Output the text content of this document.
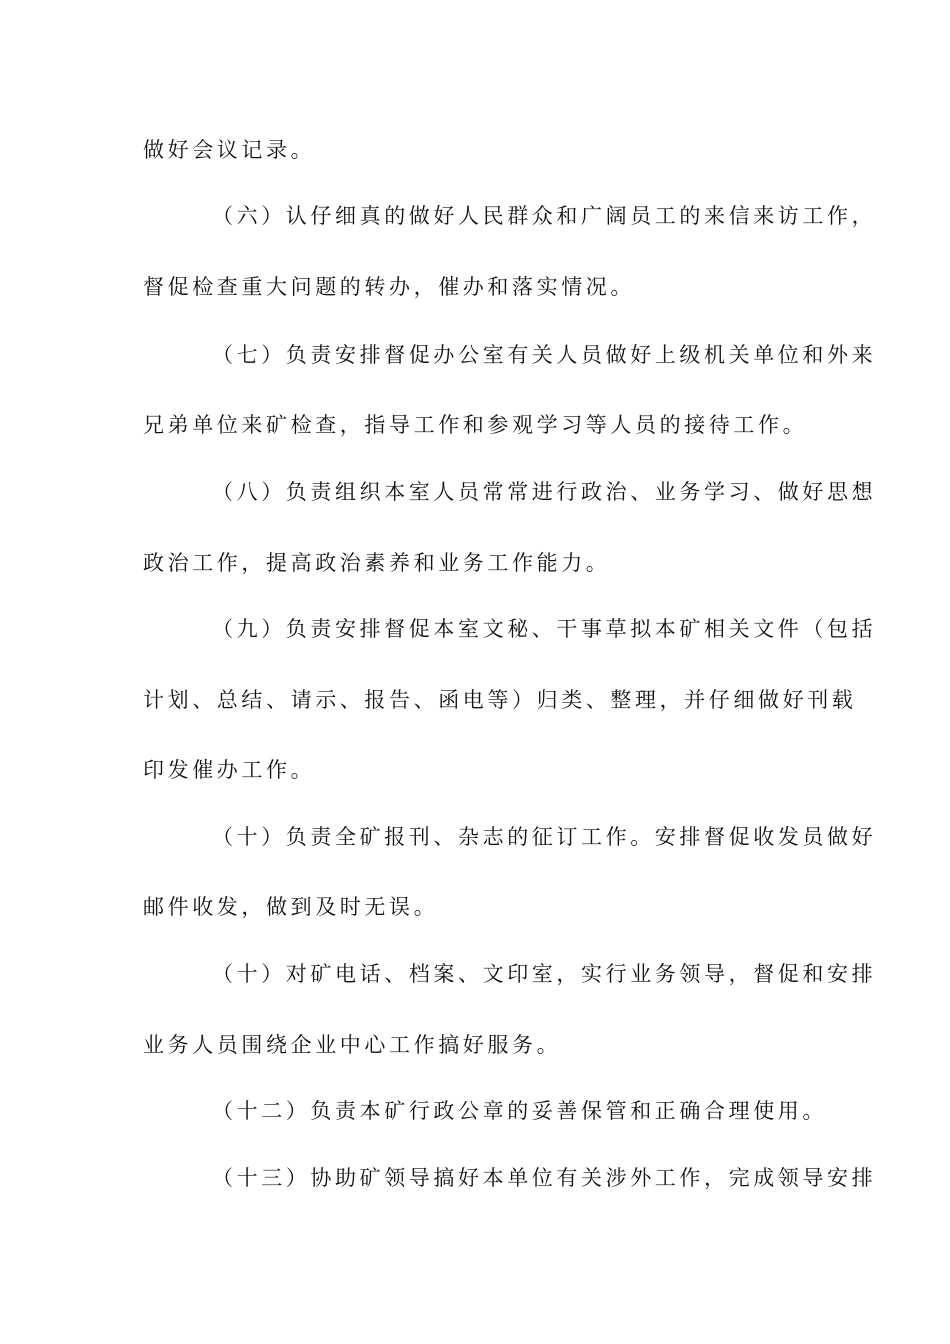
做好会议记录。
（六）认仔细真的做好人民群众和广阔员工的来信来访工作，
督促检查重大问题的转办，催办和落实情况。
（七）负责安排督促办公室有关人员做好上级机关单位和外来
兄弟单位来矿检查，指导工作和参观学习等人员的接待工作。
（八）负责组织本室人员常常进行政治、业务学习、做好思想
政治工作，提高政治素养和业务工作能力。
（九）负责安排督促本室文秘、干事草拟本矿相关文件（包括
计划、总结、请示、报告、函电等）归类、整理，并仔细做好刊载
印发催办工作。
（十）负责全矿报刊、杂志的征订工作。安排督促收发员做好
邮件收发，做到及时无误。
（十）对矿电话、档案、文印室，实行业务领导，督促和安排
业务人员围绕企业中心工作搞好服务。
（十二）负责本矿行政公章的妥善保管和正确合理使用。
（十三）协助矿领导搞好本单位有关涉外工作，完成领导安排
